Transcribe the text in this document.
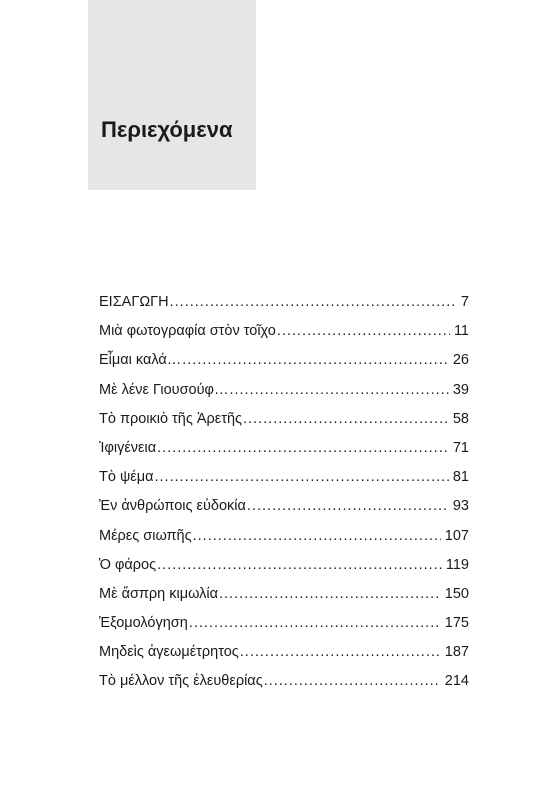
Περιεχόμενα
ΕΙΣΑΓΩΓΗ .....	7
Μιὰ φωτογραφία στὸν τοῖχο .....	11
Εἶμαι καλά… .....	26
Μὲ λένε Γιουσούφ… .....	39
Τὸ προικιὸ τῆς Ἀρετῆς .....	58
Ἰφιγένεια .....	71
Τὸ ψέμα .....	81
Ἐν ἀνθρώποις εὐδοκία .....	93
Μέρες σιωπῆς .....	107
Ὁ φάρος .....	119
Μὲ ἄσπρη κιμωλία .....	150
Ἐξομολόγηση .....	175
Μηδεὶς ἀγεωμέτρητος .....	187
Τὸ μέλλον τῆς ἐλευθερίας .....	214
